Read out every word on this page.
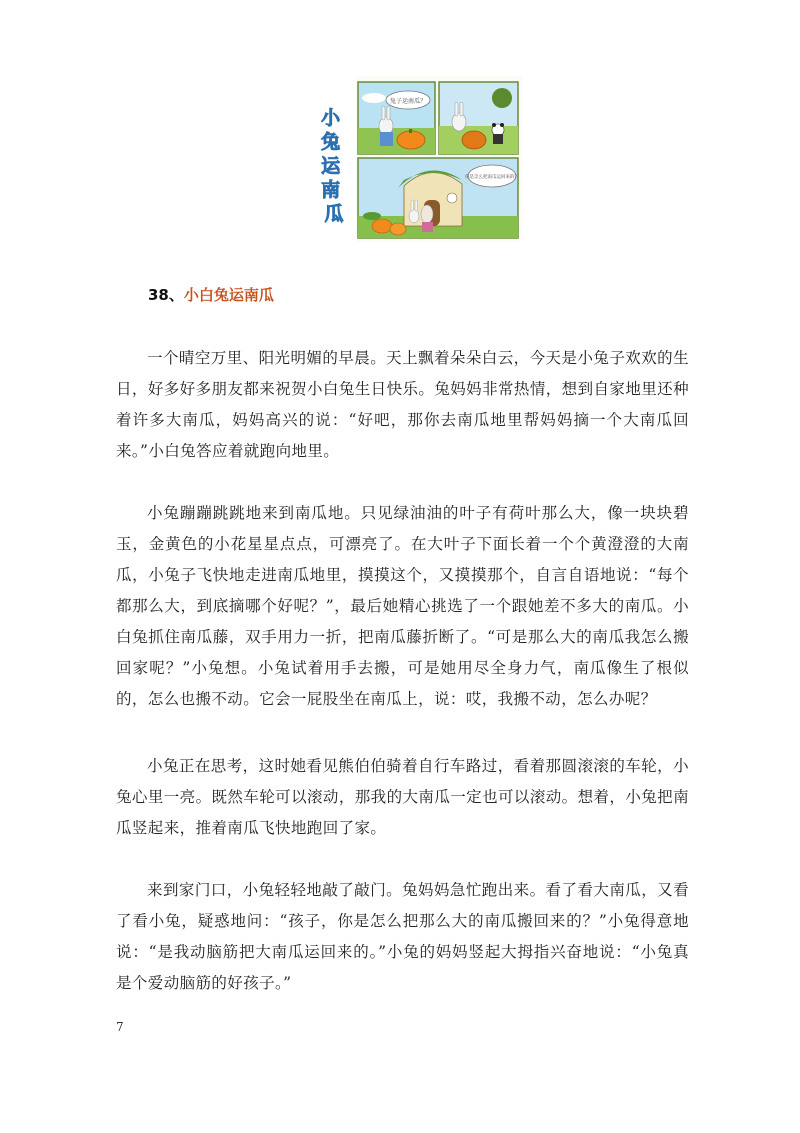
小 兔 运 南 瓜
兔子运南瓜？
你是怎么把南瓜运回来的？
38、小白兔运南瓜

一个晴空万里、阳光明媚的早晨。天上飘着朵朵白云，今天是小兔子欢欢的生日，好多好多朋友都来祝贺小白兔生日快乐。兔妈妈非常热情，想到自家地里还种着许多大南瓜，妈妈高兴的说：“好吧，那你去南瓜地里帮妈妈摘一个大南瓜回来。”小白兔答应着就跑向地里。

小兔蹦蹦跳跳地来到南瓜地。只见绿油油的叶子有荷叶那么大，像一块块碧玉，金黄色的小花星星点点，可漂亮了。在大叶子下面长着一个个黄澄澄的大南瓜，小兔子飞快地走进南瓜地里，摸摸这个，又摸摸那个，自言自语地说：“每个都那么大，到底摘哪个好呢？”，最后她精心挑选了一个跟她差不多大的南瓜。小白兔抓住南瓜藤，双手用力一折，把南瓜藤折断了。“可是那么大的南瓜我怎么搬回家呢？”小兔想。小兔试着用手去搬，可是她用尽全身力气，南瓜像生了根似的，怎么也搬不动。它会一屁股坐在南瓜上，说：哎，我搬不动，怎么办呢？

小兔正在思考，这时她看见熊伯伯骑着自行车路过，看着那圆滚滚的车轮，小兔心里一亮。既然车轮可以滚动，那我的大南瓜一定也可以滚动。想着，小兔把南瓜竖起来，推着南瓜飞快地跑回了家。

来到家门口，小兔轻轻地敲了敲门。兔妈妈急忙跑出来。看了看大南瓜，又看了看小兔，疑惑地问：“孩子，你是怎么把那么大的南瓜搬回来的？”小兔得意地说：“是我动脑筋把大南瓜运回来的。”小兔的妈妈竖起大拇指兴奋地说：“小兔真是个爱动脑筋的好孩子。”

7
